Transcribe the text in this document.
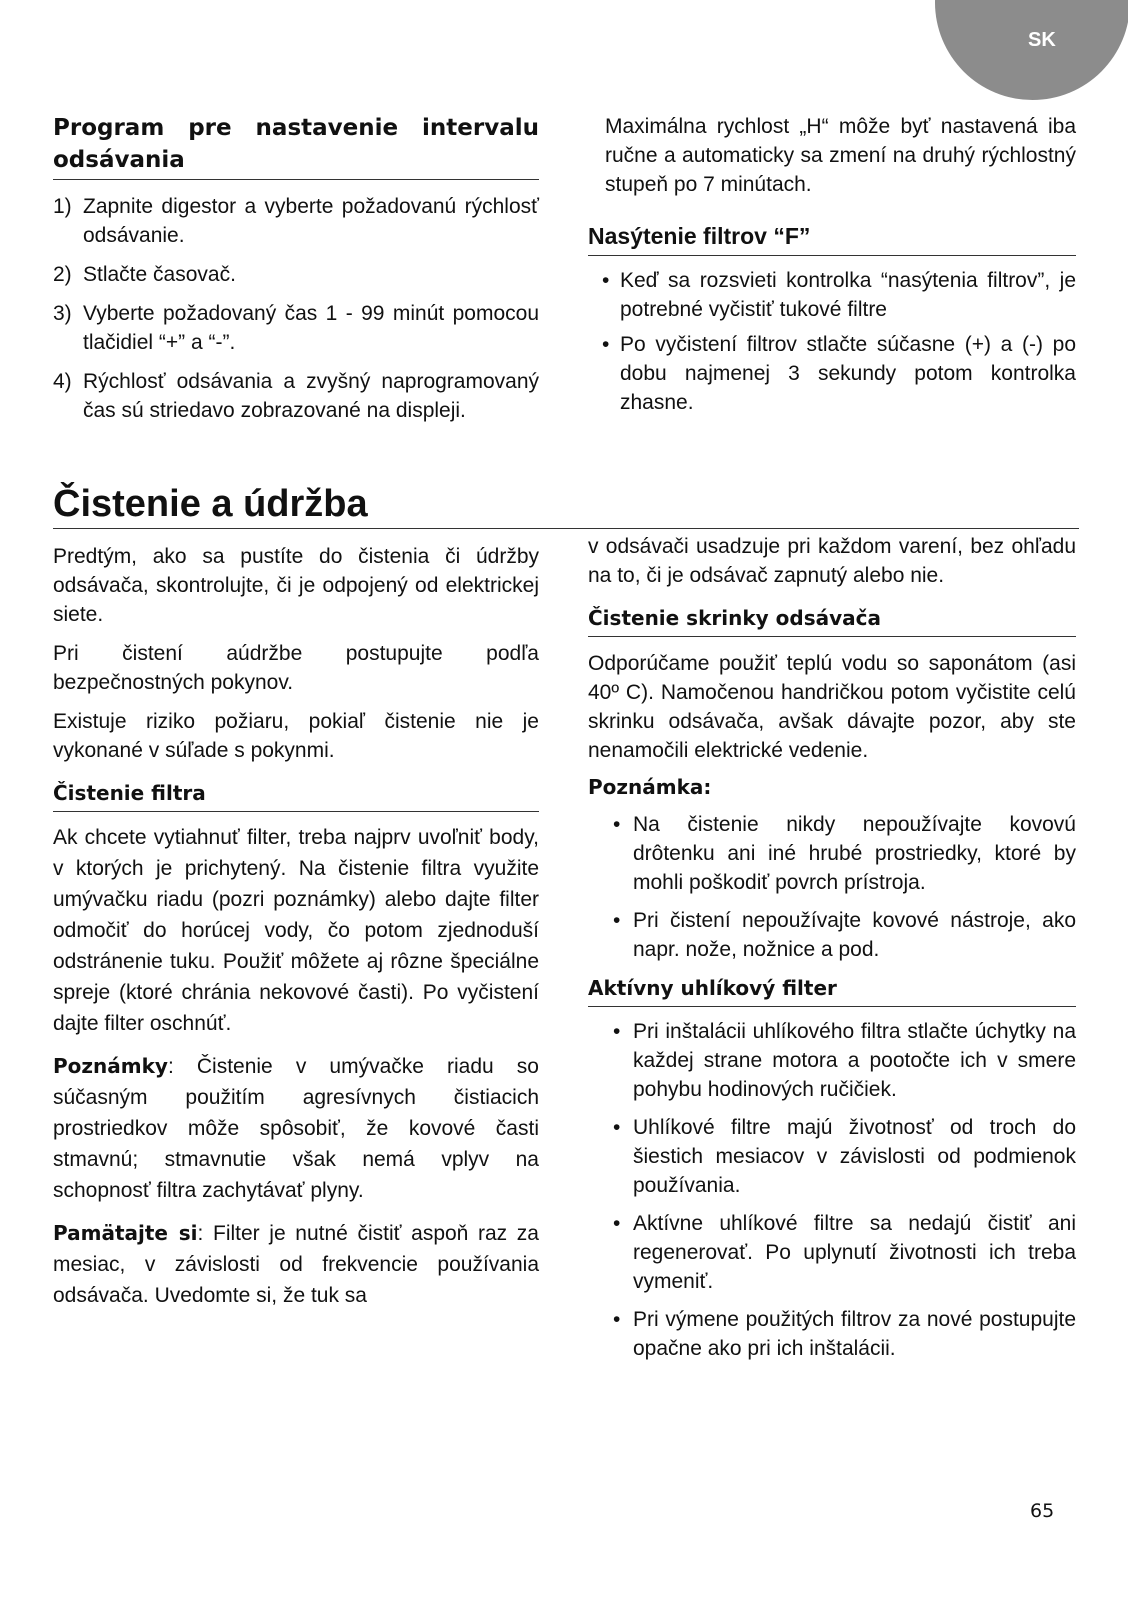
SK
Program pre nastavenie intervalu odsávania
1) Zapnite digestor a vyberte požadovanú rýchlosť odsávanie.
2) Stlačte časovač.
3) Vyberte požadovaný čas 1 - 99 minút pomocou tlačidiel “+” a “-”.
4) Rýchlosť odsávania a zvyšný naprogramovaný čas sú striedavo zobrazované na displeji.

Maximálna rychlost „H“ môže byť nastavená iba ručne a automaticky sa zmení na druhý rýchlostný stupeň po 7 minútach.

Nasýtenie filtrov “F”
• Keď sa rozsvieti kontrolka “nasýtenia filtrov”, je potrebné vyčistiť tukové filtre
• Po vyčistení filtrov stlačte súčasne (+) a (-) po dobu najmenej 3 sekundy potom kontrolka zhasne.
Čistenie a údržba

Predtým, ako sa pustíte do čistenia či údržby odsávača, skontrolujte, či je odpojený od elektrickej siete.

Pri čistení aúdržbe postupujte podľa bezpečnostných pokynov.

Existuje riziko požiaru, pokiaľ čistenie nie je vykonané v súľade s pokynmi.

Čistenie filtra

Ak chcete vytiahnuť filter, treba najprv uvoľniť body, v ktorých je prichytený. Na čistenie filtra využite umývačku riadu (pozri poznámky) alebo dajte filter odmočiť do horúcej vody, čo potom zjednoduší odstránenie tuku. Použiť môžete aj rôzne špeciálne spreje (ktoré chránia nekovové časti). Po vyčistení dajte filter oschnúť.

Poznámky: Čistenie v umývačke riadu so súčasným použitím agresívnych čistiacich prostriedkov môže spôsobiť, že kovové časti stmavnú; stmavnutie však nemá vplyv na schopnosť filtra zachytávať plyny.

Pamätajte si: Filter je nutné čistiť aspoň raz za mesiac, v závislosti od frekvencie používania odsávača. Uvedomte si, že tuk sa

v odsávači usadzuje pri každom varení, bez ohľadu na to, či je odsávač zapnutý alebo nie.

Čistenie skrinky odsávača

Odporúčame použiť teplú vodu so saponátom (asi 40º C). Namočenou handričkou potom vyčistite celú skrinku odsávača, avšak dávajte pozor, aby ste nenamočili elektrické vedenie.

Poznámka:
• Na čistenie nikdy nepoužívajte kovovú drôtenku ani iné hrubé prostriedky, ktoré by mohli poškodiť povrch prístroja.
• Pri čistení nepoužívajte kovové nástroje, ako napr. nože, nožnice a pod.
Aktívny uhlíkový filter
• Pri inštalácii uhlíkového filtra stlačte úchytky na každej strane motora a pootočte ich v smere pohybu hodinových ručičiek.
• Uhlíkové filtre majú životnosť od troch do šiestich mesiacov v závislosti od podmienok používania.
• Aktívne uhlíkové filtre sa nedajú čistiť ani regenerovať. Po uplynutí životnosti ich treba vymeniť.
• Pri výmene použitých filtrov za nové postupujte opačne ako pri ich inštalácii.
65
